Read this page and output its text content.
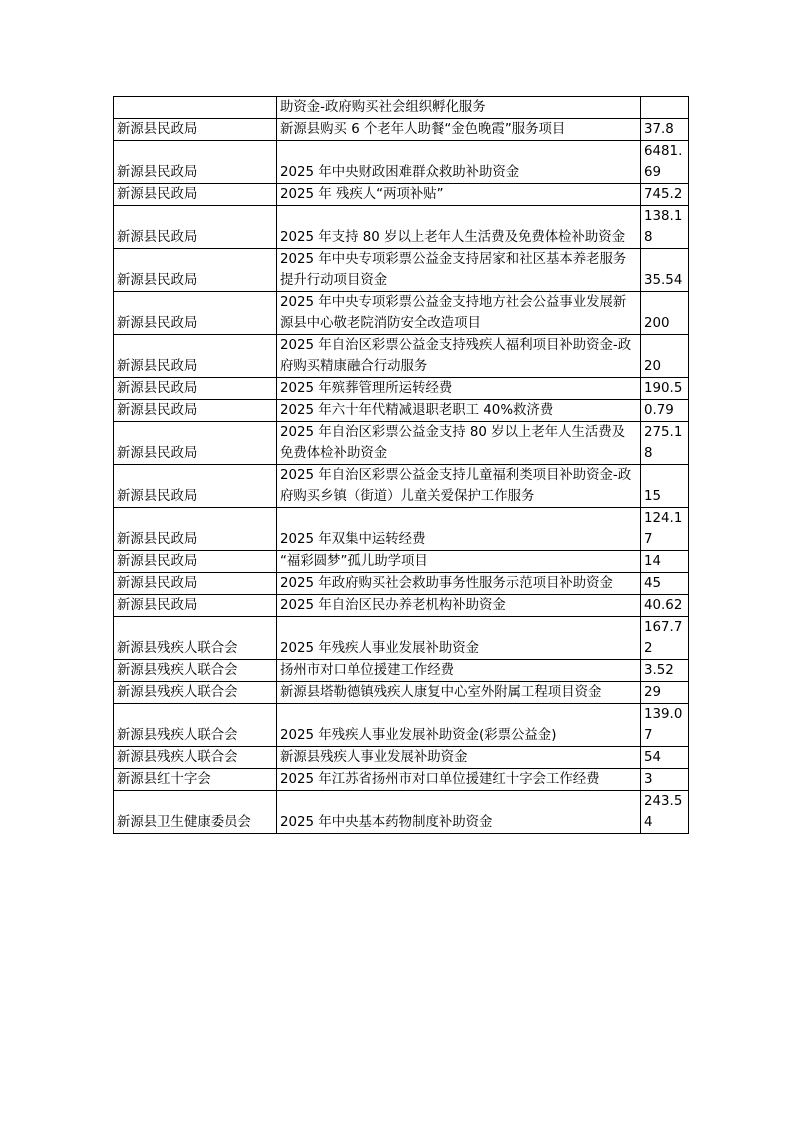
	助资金-政府购买社会组织孵化服务	
新源县民政局	新源县购买 6 个老年人助餐“金色晚霞”服务项目	37.8
新源县民政局	2025 年中央财政困难群众救助补助资金	6481.69
新源县民政局	2025 年 残疾人“两项补贴”	745.2
新源县民政局	2025 年支持 80 岁以上老年人生活费及免费体检补助资金	138.18
新源县民政局	2025 年中央专项彩票公益金支持居家和社区基本养老服务提升行动项目资金	35.54
新源县民政局	2025 年中央专项彩票公益金支持地方社会公益事业发展新源县中心敬老院消防安全改造项目	200
新源县民政局	2025 年自治区彩票公益金支持残疾人福利项目补助资金-政府购买精康融合行动服务	20
新源县民政局	2025 年殡葬管理所运转经费	190.5
新源县民政局	2025 年六十年代精减退职老职工 40%救济费	0.79
新源县民政局	2025 年自治区彩票公益金支持 80 岁以上老年人生活费及免费体检补助资金	275.18
新源县民政局	2025 年自治区彩票公益金支持儿童福利类项目补助资金-政府购买乡镇（街道）儿童关爱保护工作服务	15
新源县民政局	2025 年双集中运转经费	124.17
新源县民政局	“福彩圆梦”孤儿助学项目	14
新源县民政局	2025 年政府购买社会救助事务性服务示范项目补助资金	45
新源县民政局	2025 年自治区民办养老机构补助资金	40.62
新源县残疾人联合会	2025 年残疾人事业发展补助资金	167.72
新源县残疾人联合会	扬州市对口单位援建工作经费	3.52
新源县残疾人联合会	新源县塔勒德镇残疾人康复中心室外附属工程项目资金	29
新源县残疾人联合会	2025 年残疾人事业发展补助资金(彩票公益金)	139.07
新源县残疾人联合会	新源县残疾人事业发展补助资金	54
新源县红十字会	2025 年江苏省扬州市对口单位援建红十字会工作经费	3
新源县卫生健康委员会	2025 年中央基本药物制度补助资金	243.54
